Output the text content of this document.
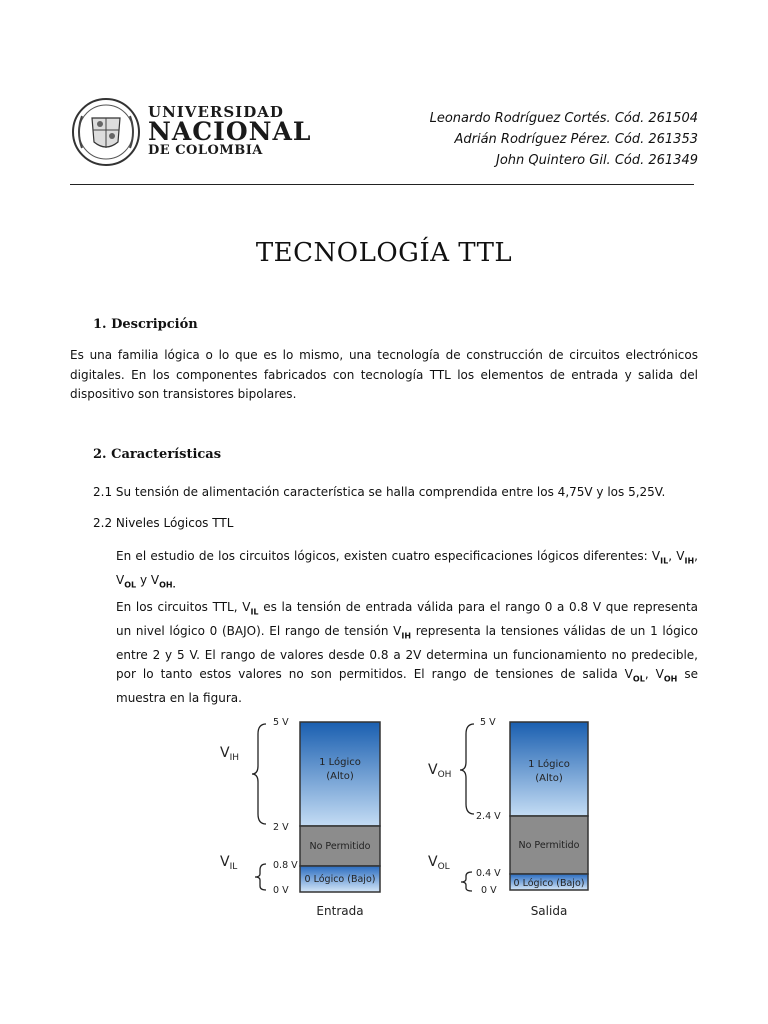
UNIVERSIDAD
NACIONAL
DE COLOMBIA
Leonardo Rodríguez Cortés. Cód. 261504
Adrián Rodríguez Pérez. Cód. 261353
John Quintero Gil. Cód. 261349
TECNOLOGÍA TTL
1. Descripción
Es una familia lógica o lo que es lo mismo, una tecnología de construcción de circuitos electrónicos digitales. En los componentes fabricados con tecnología TTL los elementos de entrada y salida del dispositivo son transistores bipolares.
2. Características
2.1 Su tensión de alimentación característica se halla comprendida entre los 4,75V y los 5,25V.
2.2 Niveles Lógicos TTL
En el estudio de los circuitos lógicos, existen cuatro especificaciones lógicos diferentes: $V_{IL}$, $V_{IH}$, $V_{OL}$ y $V_{OH.}$
En los circuitos TTL, $V_{IL}$ es la tensión de entrada válida para el rango 0 a 0.8 V que representa un nivel lógico 0 (BAJO). El rango de tensión $V_{IH}$ representa la tensiones válidas de un 1 lógico entre 2 y 5 V. El rango de valores desde 0.8 a 2V determina un funcionamiento no predecible, por lo tanto estos valores no son permitidos. El rango de tensiones de salida $V_{OL}$, $V_{OH}$ se muestra en la figura.
1 Lógico
(Alto)
No Permitido
0 Lógico (Bajo)
5 V
2 V
0.8 V
0 V
$V_{IH}$
$V_{IL}$
Entrada
1 Lógico
(Alto)
No Permitido
0 Lógico (Bajo)
5 V
2.4 V
0.4 V
0 V
$V_{OH}$
$V_{OL}$
Salida
